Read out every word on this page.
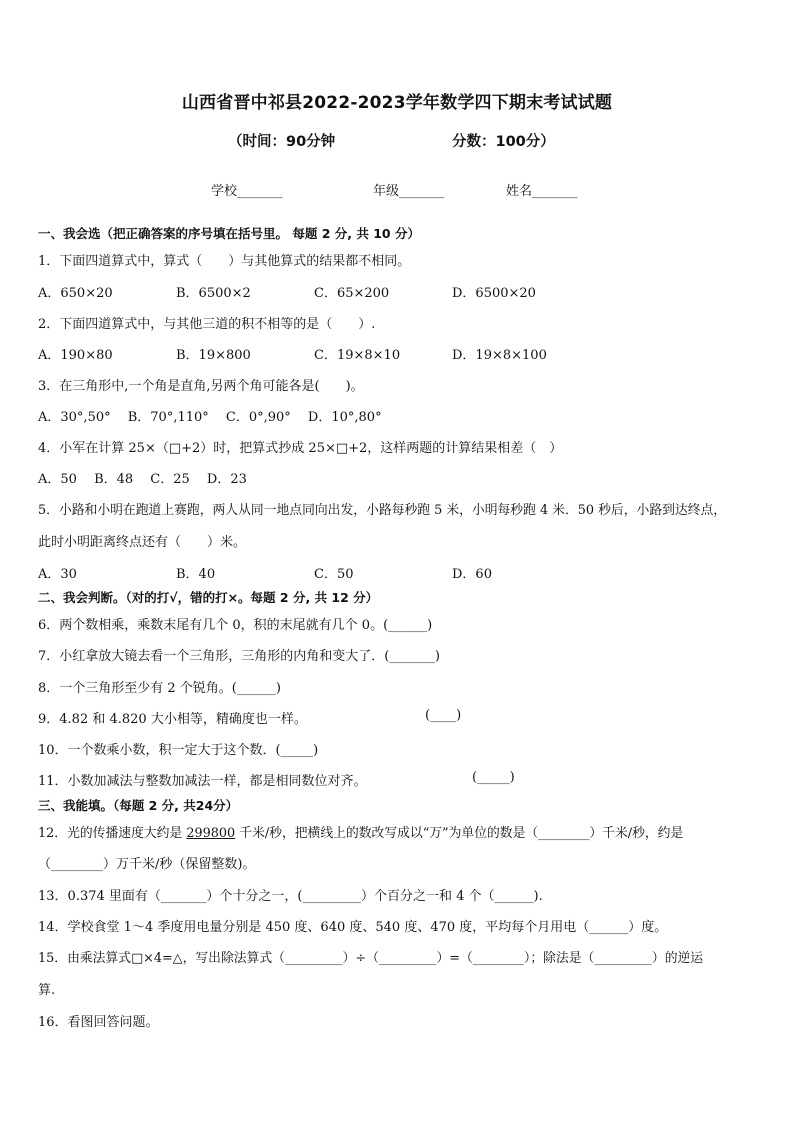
山西省晋中祁县2022-2023学年数学四下期末考试试题
（时间：90分钟	分数：100分）
学校_______	年级_______	姓名_______
一、我会选（把正确答案的序号填在括号里。 每题 2 分, 共 10 分）
1．下面四道算式中，算式（　　）与其他算式的结果都不相同。
A．650×20	B．6500×2	C．65×200	D．6500×20
2．下面四道算式中，与其他三道的积不相等的是（　　）.
A．190×80	B．19×800	C．19×8×10	D．19×8×100
3．在三角形中,一个角是直角,另两个角可能各是(　　)。
A．30°,50°　 B．70°,110°　 C．0°,90°　 D．10°,80°
4．小军在计算 25×（□+2）时，把算式抄成 25×□+2，这样两题的计算结果相差（　）
A．50　 B．48　 C．25　 D．23
5．小路和小明在跑道上赛跑，两人从同一地点同向出发，小路每秒跑 5 米，小明每秒跑 4 米．50 秒后，小路到达终点，
此时小明距离终点还有（　　）米。
A．30	B．40	C．50	D．60
二、我会判断。（对的打√，错的打×。每题 2 分, 共 12 分）
6．两个数相乘，乘数末尾有几个 0，积的末尾就有几个 0。(______)
7．小红拿放大镜去看一个三角形，三角形的内角和变大了．(_______)
8．一个三角形至少有 2 个锐角。(______)
9．4.82 和 4.820 大小相等，精确度也一样。	(____)
10．一个数乘小数，积一定大于这个数．(_____)
11．小数加减法与整数加减法一样，都是相同数位对齐。	(_____)
三、我能填。（每题 2 分, 共24分）
12．光的传播速度大约是 299800 千米/秒，把横线上的数改写成以“万”为单位的数是（________）千米/秒，约是
（________）万千米/秒（保留整数)。
13．0.374 里面有（_______）个十分之一，(_________）个百分之一和 4 个（______).
14．学校食堂 1～4 季度用电量分别是 450 度、640 度、540 度、470 度，平均每个月用电（______）度。
15．由乘法算式□×4=△，写出除法算式（_________）÷（_________）=（________）；除法是（_________）的逆运
算.
16．看图回答问题。
